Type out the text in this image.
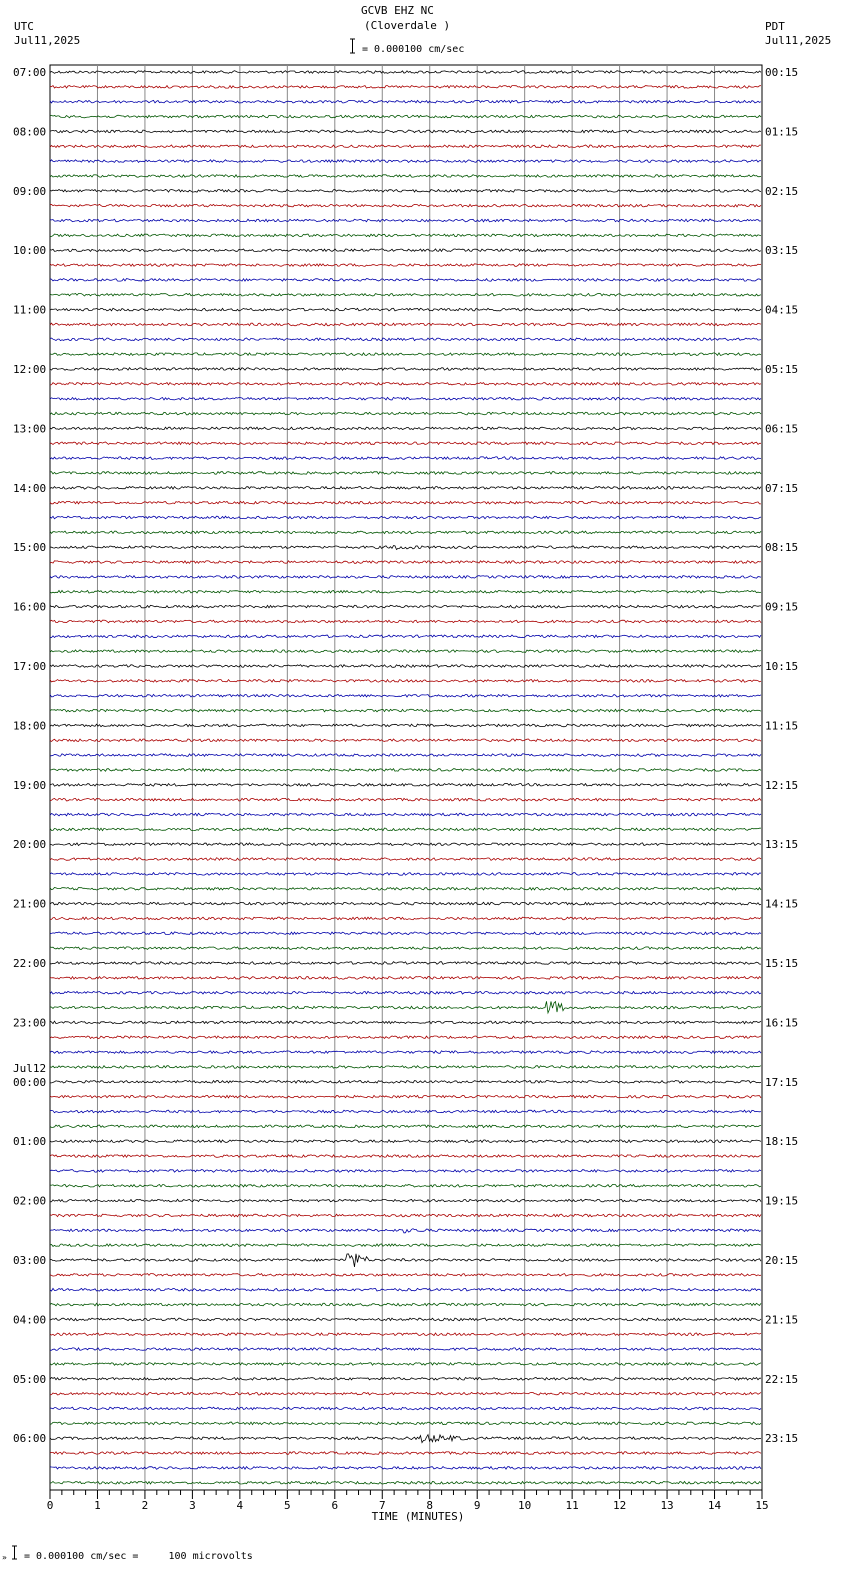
GCVB EHZ NC
(Cloverdale )
UTC
Jul11,2025
PDT
Jul11,2025
= 0.000100 cm/sec
= 0.000100 cm/sec =     100 microvolts
»
07:00
08:00
09:00
10:00
11:00
12:00
13:00
14:00
15:00
16:00
17:00
18:00
19:00
20:00
21:00
22:00
23:00
00:00
Jul12
01:00
02:00
03:00
04:00
05:00
06:00
00:15
01:15
02:15
03:15
04:15
05:15
06:15
07:15
08:15
09:15
10:15
11:15
12:15
13:15
14:15
15:15
16:15
17:15
18:15
19:15
20:15
21:15
22:15
23:15
0	1	2	3	4	5	6	7	8	9	10	11	12	13	14	15
TIME (MINUTES)
